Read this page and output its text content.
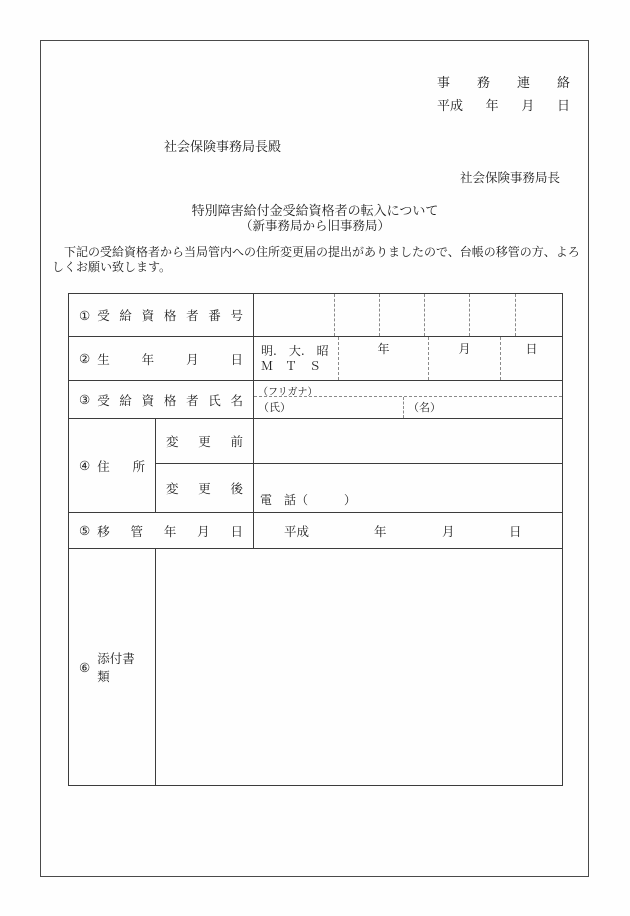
事務連絡
平成 年 月 日
社会保険事務局長殿
社会保険事務局長
特別障害給付金受給資格者の転入について
（新事務局から旧事務局）
　下記の受給資格者から当局管内への住所変更届の提出がありましたので、台帳の移管の方、よろ
しくお願い致します。
① 受給資格者番号		

② 生年月日

明.　大.　昭
Ｍ　Ｔ　Ｓ
年	月	日

③ 受給資格者氏名	（フリガナ）
（氏）	（名）

④ 住所	変更前	

	変更後	電　話（　　　）

⑤ 移管年月日		平成 年 月 日

⑥
添付書類		
